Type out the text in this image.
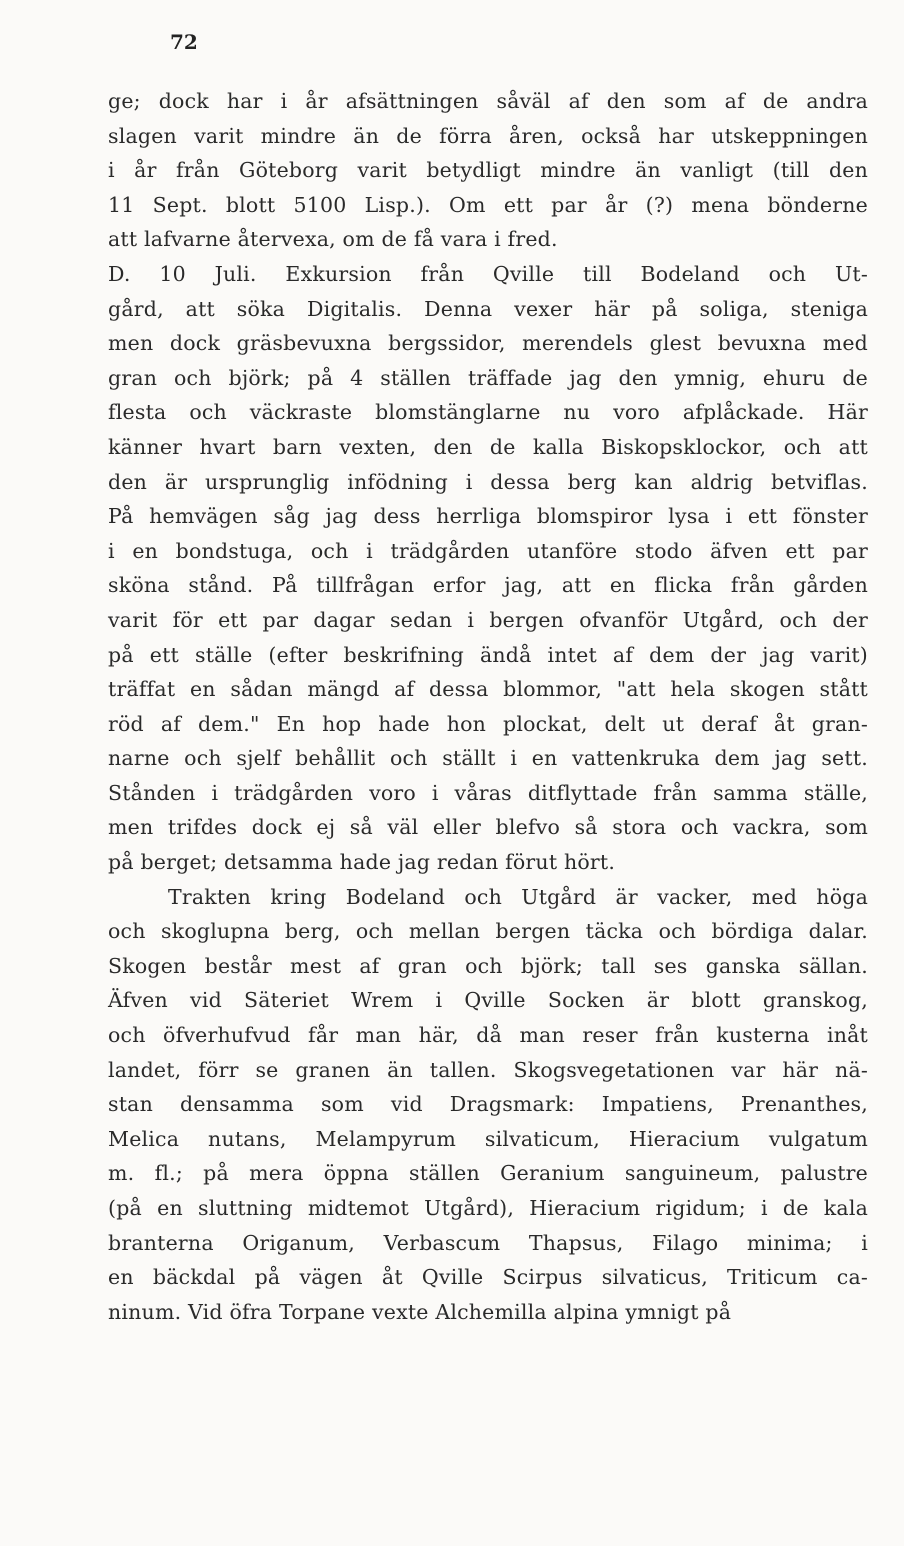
72
ge; dock har i år afsättningen såväl af den som af de andra
slagen varit mindre än de förra åren, också har utskeppningen
i år från Göteborg varit betydligt mindre än vanligt (till den
11 Sept. blott 5100 Lisp.). Om ett par år (?) mena bönderne
att lafvarne återvexa, om de få vara i fred.
D. 10 Juli. Exkursion från Qville till Bodeland och Ut-
gård, att söka Digitalis. Denna vexer här på soliga, steniga
men dock gräsbevuxna bergssidor, merendels glest bevuxna med
gran och björk; på 4 ställen träffade jag den ymnig, ehuru de
flesta och väckraste blomstänglarne nu voro afplåckade. Här
känner hvart barn vexten, den de kalla Biskopsklockor, och att
den är ursprunglig infödning i dessa berg kan aldrig betviflas.
På hemvägen såg jag dess herrliga blomspiror lysa i ett fönster
i en bondstuga, och i trädgården utanföre stodo äfven ett par
sköna stånd. På tillfrågan erfor jag, att en flicka från gården
varit för ett par dagar sedan i bergen ofvanför Utgård, och der
på ett ställe (efter beskrifning ändå intet af dem der jag varit)
träffat en sådan mängd af dessa blommor, "att hela skogen stått
röd af dem." En hop hade hon plockat, delt ut deraf åt gran-
narne och sjelf behållit och ställt i en vattenkruka dem jag sett.
Stånden i trädgården voro i våras ditflyttade från samma ställe,
men trifdes dock ej så väl eller blefvo så stora och vackra, som
på berget; detsamma hade jag redan förut hört.
Trakten kring Bodeland och Utgård är vacker, med höga
och skoglupna berg, och mellan bergen täcka och bördiga dalar.
Skogen består mest af gran och björk; tall ses ganska sällan.
Äfven vid Säteriet Wrem i Qville Socken är blott granskog,
och öfverhufvud får man här, då man reser från kusterna inåt
landet, förr se granen än tallen. Skogsvegetationen var här nä-
stan densamma som vid Dragsmark: Impatiens, Prenanthes,
Melica nutans, Melampyrum silvaticum, Hieracium vulgatum
m. fl.; på mera öppna ställen Geranium sanguineum, palustre
(på en sluttning midtemot Utgård), Hieracium rigidum; i de kala
branterna Origanum, Verbascum Thapsus, Filago minima; i
en bäckdal på vägen åt Qville Scirpus silvaticus, Triticum ca-
ninum. Vid öfra Torpane vexte Alchemilla alpina ymnigt på
